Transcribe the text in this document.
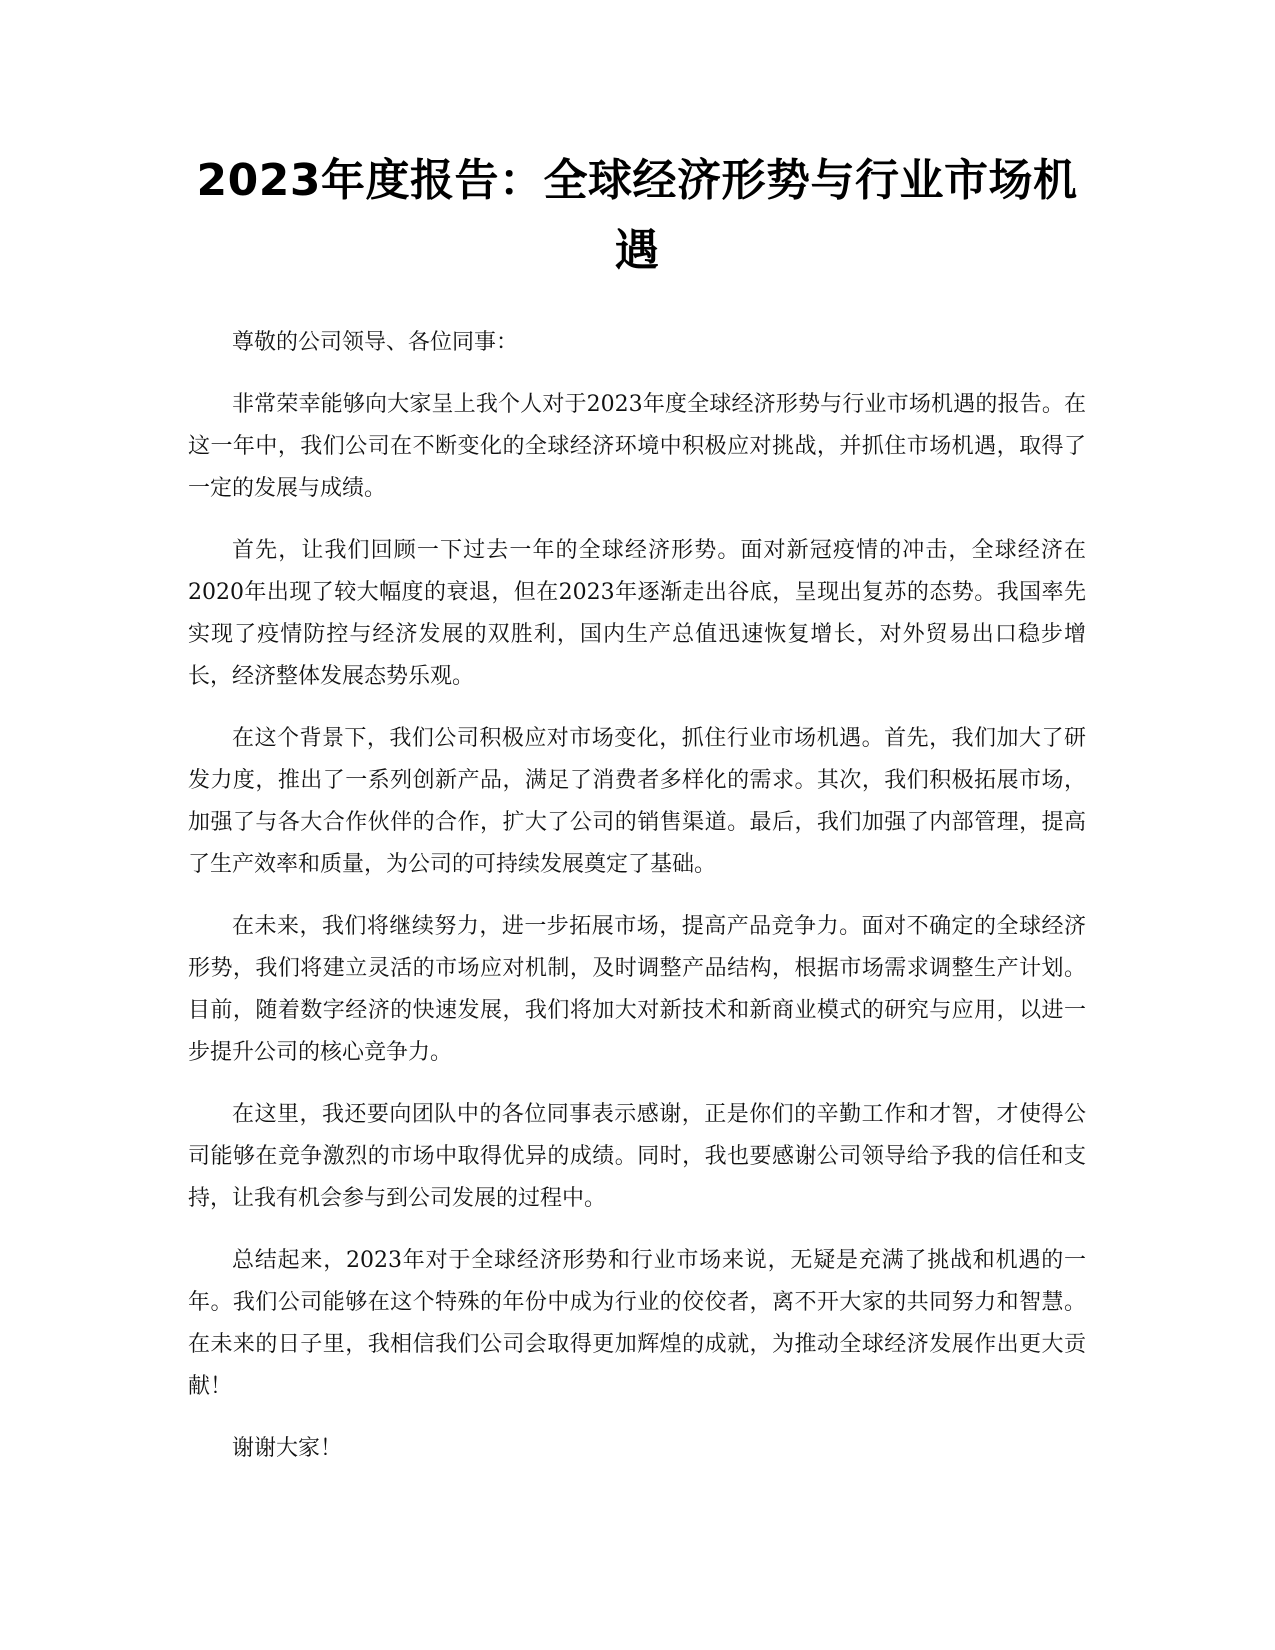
2023年度报告：全球经济形势与行业市场机遇

尊敬的公司领导、各位同事：

非常荣幸能够向大家呈上我个人对于2023年度全球经济形势与行业市场机遇的报告。在这一年中，我们公司在不断变化的全球经济环境中积极应对挑战，并抓住市场机遇，取得了一定的发展与成绩。

首先，让我们回顾一下过去一年的全球经济形势。面对新冠疫情的冲击，全球经济在2020年出现了较大幅度的衰退，但在2023年逐渐走出谷底，呈现出复苏的态势。我国率先实现了疫情防控与经济发展的双胜利，国内生产总值迅速恢复增长，对外贸易出口稳步增长，经济整体发展态势乐观。

在这个背景下，我们公司积极应对市场变化，抓住行业市场机遇。首先，我们加大了研发力度，推出了一系列创新产品，满足了消费者多样化的需求。其次，我们积极拓展市场，加强了与各大合作伙伴的合作，扩大了公司的销售渠道。最后，我们加强了内部管理，提高了生产效率和质量，为公司的可持续发展奠定了基础。

在未来，我们将继续努力，进一步拓展市场，提高产品竞争力。面对不确定的全球经济形势，我们将建立灵活的市场应对机制，及时调整产品结构，根据市场需求调整生产计划。目前，随着数字经济的快速发展，我们将加大对新技术和新商业模式的研究与应用，以进一步提升公司的核心竞争力。

在这里，我还要向团队中的各位同事表示感谢，正是你们的辛勤工作和才智，才使得公司能够在竞争激烈的市场中取得优异的成绩。同时，我也要感谢公司领导给予我的信任和支持，让我有机会参与到公司发展的过程中。

总结起来，2023年对于全球经济形势和行业市场来说，无疑是充满了挑战和机遇的一年。我们公司能够在这个特殊的年份中成为行业的佼佼者，离不开大家的共同努力和智慧。在未来的日子里，我相信我们公司会取得更加辉煌的成就，为推动全球经济发展作出更大贡献！

谢谢大家！
